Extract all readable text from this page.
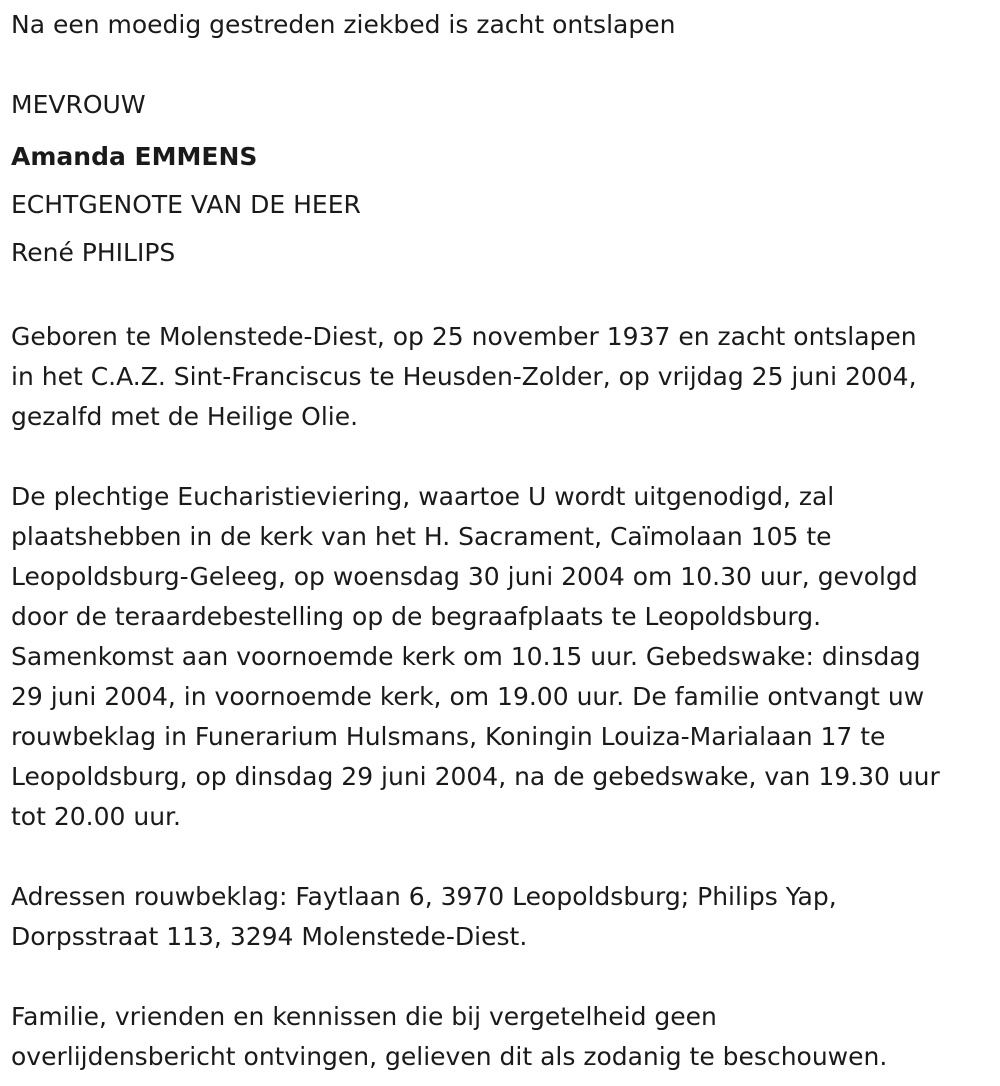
Na een moedig gestreden ziekbed is zacht ontslapen

MEVROUW

Amanda EMMENS

ECHTGENOTE VAN DE HEER

René PHILIPS

Geboren te Molenstede-Diest, op 25 november 1937 en zacht ontslapen

in het C.A.Z. Sint-Franciscus te Heusden-Zolder, op vrijdag 25 juni 2004,

gezalfd met de Heilige Olie.

De plechtige Eucharistieviering, waartoe U wordt uitgenodigd, zal

plaatshebben in de kerk van het H. Sacrament, Caïmolaan 105 te

Leopoldsburg-Geleeg, op woensdag 30 juni 2004 om 10.30 uur, gevolgd

door de teraardebestelling op de begraafplaats te Leopoldsburg.

Samenkomst aan voornoemde kerk om 10.15 uur. Gebedswake: dinsdag

29 juni 2004, in voornoemde kerk, om 19.00 uur. De familie ontvangt uw

rouwbeklag in Funerarium Hulsmans, Koningin Louiza-Marialaan 17 te

Leopoldsburg, op dinsdag 29 juni 2004, na de gebedswake, van 19.30 uur

tot 20.00 uur.

Adressen rouwbeklag: Faytlaan 6, 3970 Leopoldsburg; Philips Yap,

Dorpsstraat 113, 3294 Molenstede-Diest.

Familie, vrienden en kennissen die bij vergetelheid geen

overlijdensbericht ontvingen, gelieven dit als zodanig te beschouwen.
